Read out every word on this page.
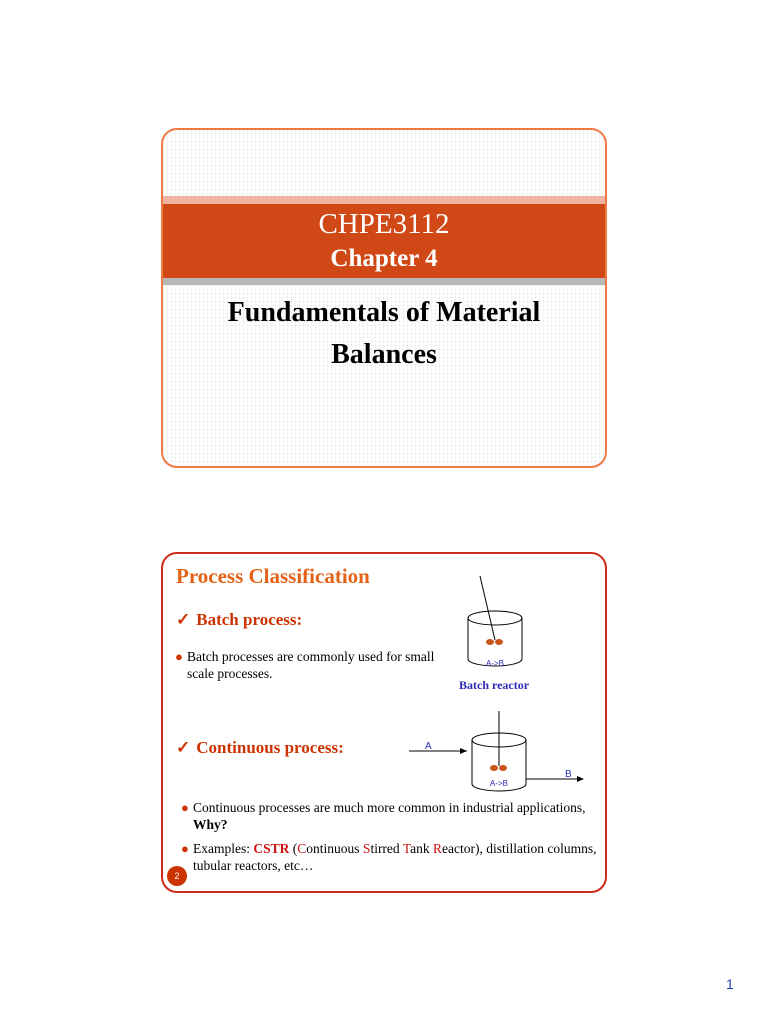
CHPE3112
Chapter 4
Fundamentals of Material Balances
Process Classification
✓ Batch process:
● Batch processes are commonly used for small scale processes.
Batch reactor
✓ Continuous process:
● Continuous processes are much more common in industrial applications, Why?
● Examples: CSTR (Continuous Stirred Tank Reactor), distillation columns, tubular reactors, etc…
A->B
A->B
A
B
2
1
